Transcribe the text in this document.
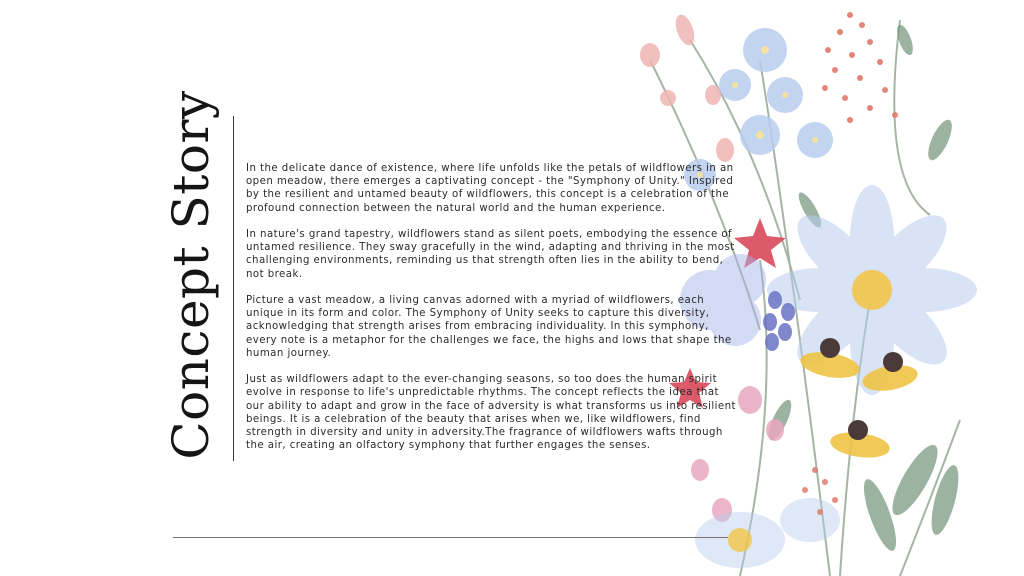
Concept Story	In the delicate dance of existence, where life unfolds like the petals of wildflowers in an open meadow, there emerges a captivating concept - the "Symphony of Unity." Inspired by the resilient and untamed beauty of wildflowers, this concept is a celebration of the profound connection between the natural world and the human experience.

In nature's grand tapestry, wildflowers stand as silent poets, embodying the essence of untamed resilience. They sway gracefully in the wind, adapting and thriving in the most challenging environments, reminding us that strength often lies in the ability to bend, not break.

Picture a vast meadow, a living canvas adorned with a myriad of wildflowers, each unique in its form and color. The Symphony of Unity seeks to capture this diversity, acknowledging that strength arises from embracing individuality. In this symphony, every note is a metaphor for the challenges we face, the highs and lows that shape the human journey.

Just as wildflowers adapt to the ever-changing seasons, so too does the human spirit evolve in response to life's unpredictable rhythms. The concept reflects the idea that our ability to adapt and grow in the face of adversity is what transforms us into resilient beings. It is a celebration of the beauty that arises when we, like wildflowers, find strength in diversity and unity in adversity.The fragrance of wildflowers wafts through the air, creating an olfactory symphony that further engages the senses.
